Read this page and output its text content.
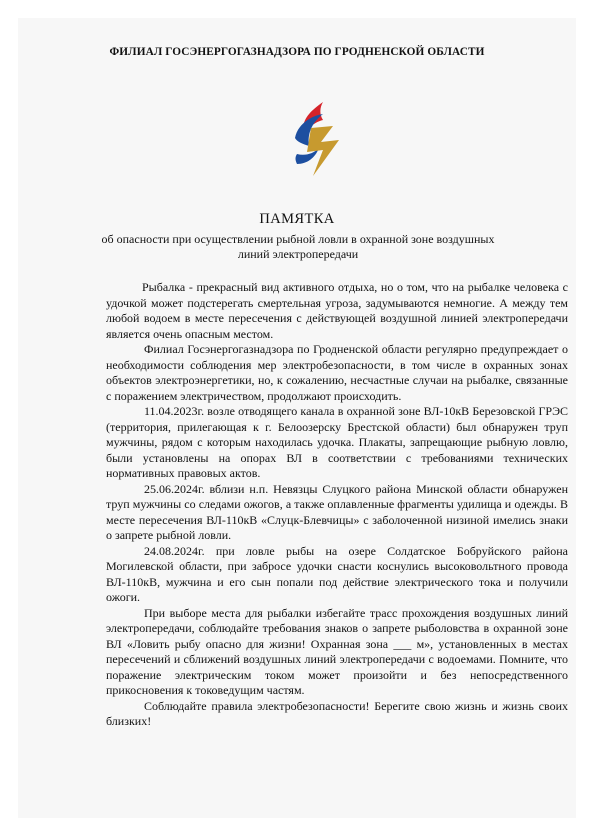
ФИЛИАЛ ГОСЭНЕРГОГАЗНАДЗОРА ПО ГРОДНЕНСКОЙ ОБЛАСТИ
ПАМЯТКА
об опасности при осуществлении рыбной ловли в охранной зоне воздушных линий электропередачи

Рыбалка - прекрасный вид активного отдыха, но о том, что на рыбалке человека с удочкой может подстерегать смертельная угроза, задумываются немногие. А между тем любой водоем в месте пересечения с действующей воздушной линией электропередачи является очень опасным местом.

Филиал Госэнергогазнадзора по Гродненской области регулярно предупреждает о необходимости соблюдения мер электробезопасности, в том числе в охранных зонах объектов электроэнергетики, но, к сожалению, несчастные случаи на рыбалке, связанные с поражением электричеством, продолжают происходить.

11.04.2023г. возле отводящего канала в охранной зоне ВЛ-10кВ Березовской ГРЭС (территория, прилегающая к г. Белоозерску Брестской области) был обнаружен труп мужчины, рядом с которым находилась удочка. Плакаты, запрещающие рыбную ловлю, были установлены на опорах ВЛ в соответствии с требованиями технических нормативных правовых актов.

25.06.2024г. вблизи н.п. Невязцы Слуцкого района Минской области обнаружен труп мужчины со следами ожогов, а также оплавленные фрагменты удилища и одежды. В месте пересечения ВЛ-110кВ «Слуцк-Блевчицы» с заболоченной низиной имелись знаки о запрете рыбной ловли.

24.08.2024г. при ловле рыбы на озере Солдатское Бобруйского района Могилевской области, при забросе удочки снасти коснулись высоковольтного провода ВЛ-110кВ, мужчина и его сын попали под действие электрического тока и получили ожоги.

При выборе места для рыбалки избегайте трасс прохождения воздушных линий электропередачи, соблюдайте требования знаков о запрете рыболовства в охранной зоне ВЛ «Ловить рыбу опасно для жизни! Охранная зона ___ м», установленных в местах пересечений и сближений воздушных линий электропередачи с водоемами. Помните, что поражение электрическим током может произойти и без непосредственного прикосновения к токоведущим частям.

Соблюдайте правила электробезопасности! Берегите свою жизнь и жизнь своих близких!
